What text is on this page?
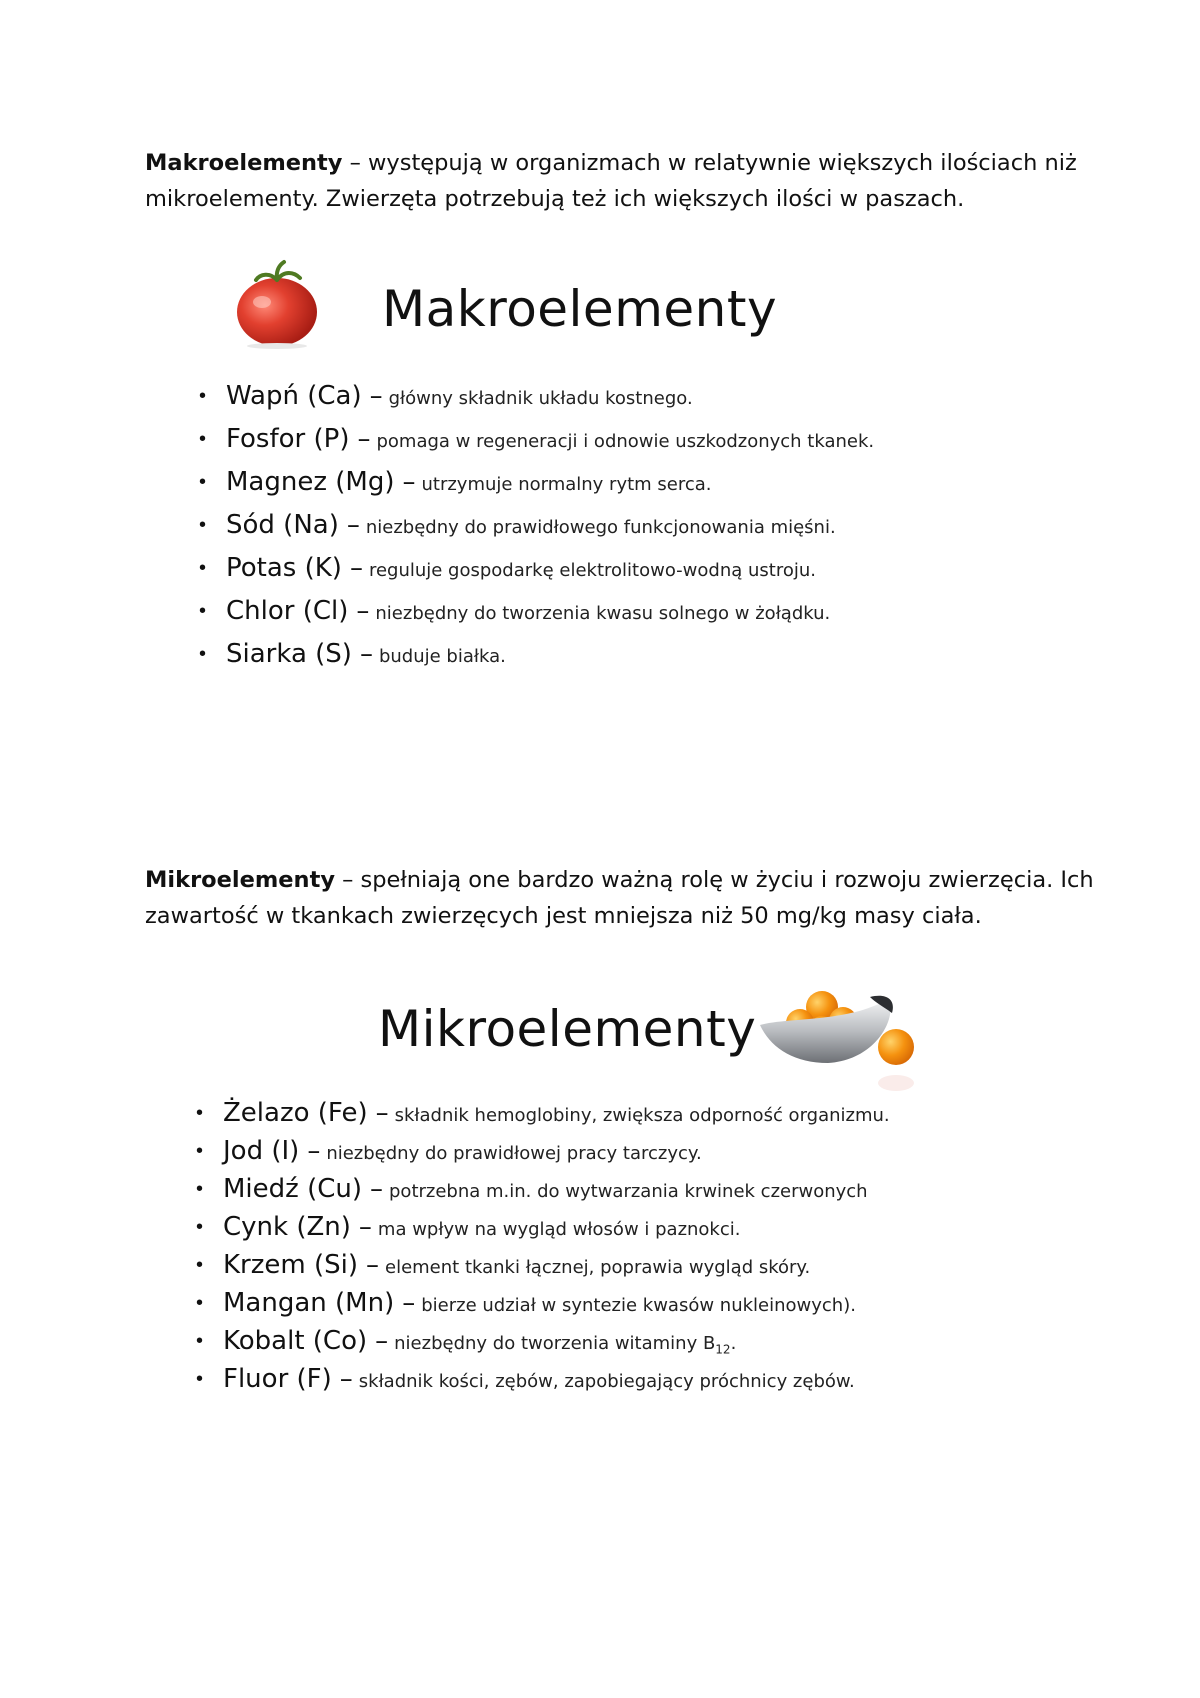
Makroelementy – występują w organizmach w relatywnie większych ilościach niż mikroelementy. Zwierzęta potrzebują też ich większych ilości w paszach.
Makroelementy
• Wapń (Ca) – główny składnik układu kostnego.
• Fosfor (P) – pomaga w regeneracji i odnowie uszkodzonych tkanek.
• Magnez (Mg) – utrzymuje normalny rytm serca.
• Sód (Na) – niezbędny do prawidłowego funkcjonowania mięśni.
• Potas (K) – reguluje gospodarkę elektrolitowo-wodną ustroju.
• Chlor (Cl) – niezbędny do tworzenia kwasu solnego w żołądku.
• Siarka (S) – buduje białka.
Mikroelementy – spełniają one bardzo ważną rolę w życiu i rozwoju zwierzęcia. Ich zawartość w tkankach zwierzęcych jest mniejsza niż 50 mg/kg masy ciała.
Mikroelementy
• Żelazo (Fe) – składnik hemoglobiny, zwiększa odporność organizmu.
• Jod (I) – niezbędny do prawidłowej pracy tarczycy.
• Miedź (Cu) – potrzebna m.in. do wytwarzania krwinek czerwonych
• Cynk (Zn) – ma wpływ na wygląd włosów i paznokci.
• Krzem (Si) – element tkanki łącznej, poprawia wygląd skóry.
• Mangan (Mn) – bierze udział w syntezie kwasów nukleinowych).
• Kobalt (Co) – niezbędny do tworzenia witaminy $B_{12}$.
• Fluor (F) – składnik kości, zębów, zapobiegający próchnicy zębów.
